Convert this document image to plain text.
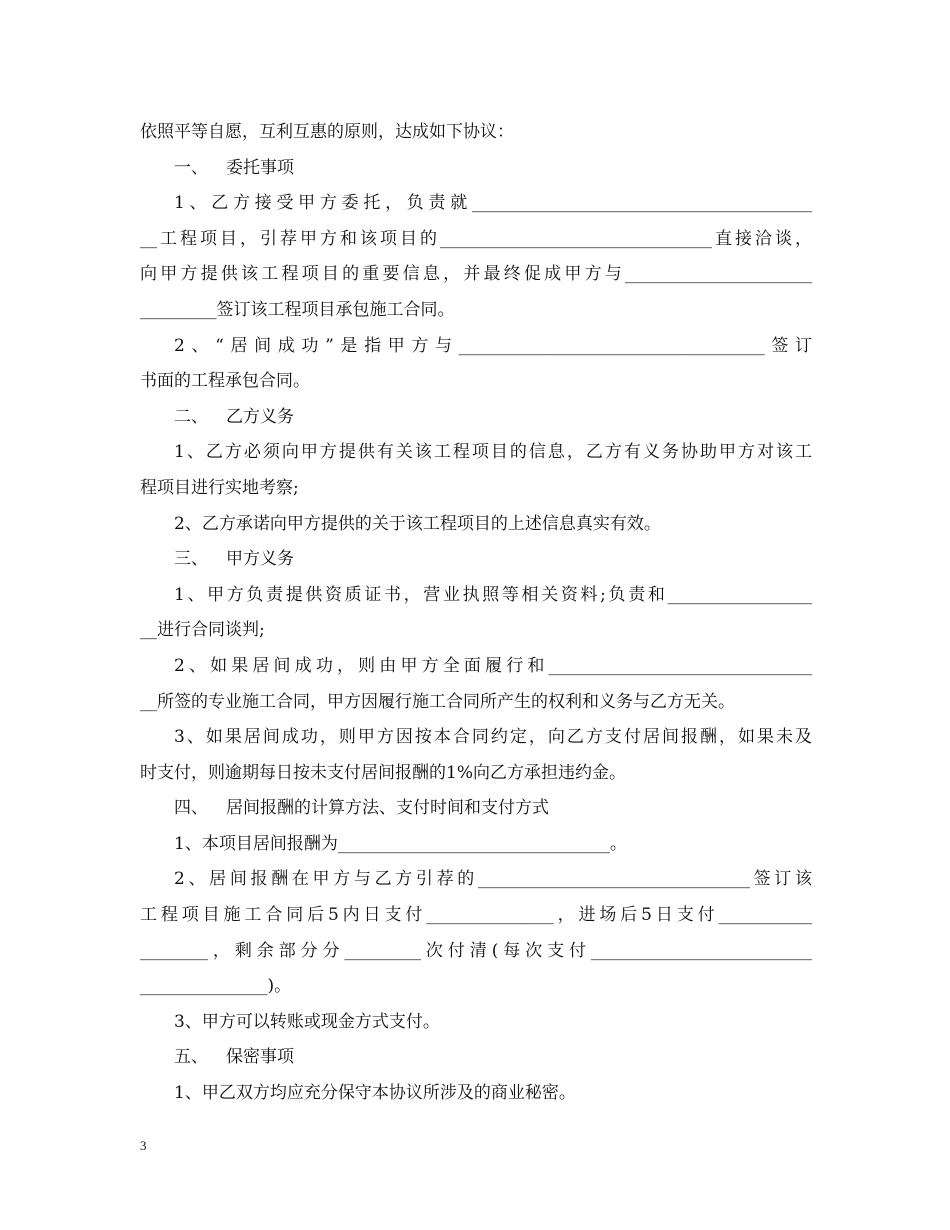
依照平等自愿，互利互惠的原则，达成如下协议：
一、 委托事项
1、乙方接受甲方委托，负责就________________________________________
__工程项目，引荐甲方和该项目的________________________________直接洽谈，
向甲方提供该工程项目的重要信息，并最终促成甲方与______________________
_________签订该工程项目承包施工合同。
2、“居间成功”是指甲方与____________________________________签订
书面的工程承包合同。
二、 乙方义务
1、乙方必须向甲方提供有关该工程项目的信息，乙方有义务协助甲方对该工
程项目进行实地考察;
2、乙方承诺向甲方提供的关于该工程项目的上述信息真实有效。
三、 甲方义务
1、甲方负责提供资质证书，营业执照等相关资料;负责和_________________
__进行合同谈判;
2、如果居间成功，则由甲方全面履行和_______________________________
__所签的专业施工合同，甲方因履行施工合同所产生的权利和义务与乙方无关。
3、如果居间成功，则甲方因按本合同约定，向乙方支付居间报酬，如果未及
时支付，则逾期每日按未支付居间报酬的1%向乙方承担违约金。
四、 居间报酬的计算方法、支付时间和支付方式
1、本项目居间报酬为________________________________。
2、居间报酬在甲方与乙方引荐的________________________________签订该
工程项目施工合同后5内日支付_______________，进场后5日支付___________
________，剩余部分分_________次付清(每次支付__________________________
_______________)。
3、甲方可以转账或现金方式支付。
五、 保密事项
1、甲乙双方均应充分保守本协议所涉及的商业秘密。
3
